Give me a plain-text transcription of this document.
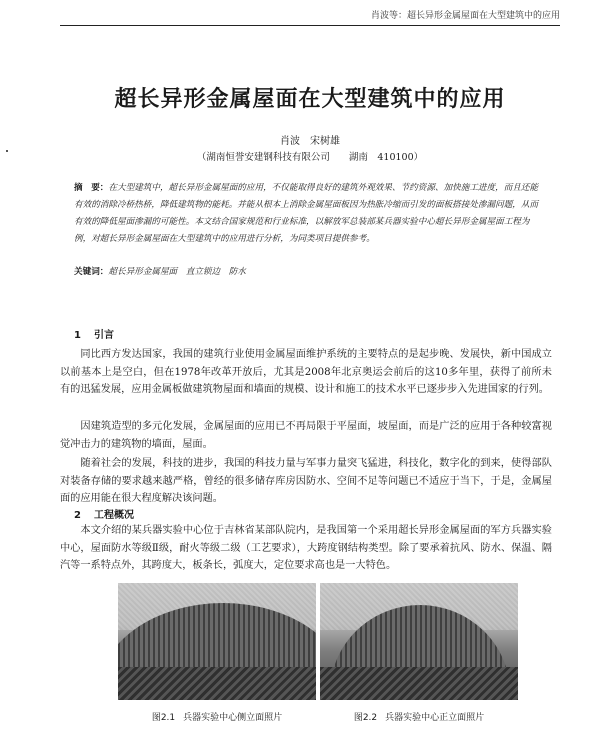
肖波等：超长异形金属屋面在大型建筑中的应用
超长异形金属屋面在大型建筑中的应用
肖波　宋树雄
（湖南恒誉安建钢科技有限公司　　湖南　410100）
摘　要：在大型建筑中，超长异形金属屋面的应用，不仅能取得良好的建筑外观效果、节约资源、加快施工进度，而且还能有效的消除冷桥热桥，降低建筑物的能耗。并能从根本上消除金属屋面板因为热胀冷缩而引发的面板搭接处渗漏问题，从而有效的降低屋面渗漏的可能性。本文结合国家规范和行业标准，以解放军总装部某兵器实验中心超长异形金属屋面工程为例，对超长异形金属屋面在大型建筑中的应用进行分析，为同类项目提供参考。
关键词：超长异形金属屋面　直立锁边　防水
1 引言

同比西方发达国家，我国的建筑行业使用金属屋面维护系统的主要特点的是起步晚、发展快，新中国成立以前基本上是空白，但在1978年改革开放后，尤其是2008年北京奥运会前后的这10多年里，获得了前所未有的迅猛发展，应用金属板做建筑物屋面和墙面的规模、设计和施工的技术水平已逐步步入先进国家的行列。

因建筑造型的多元化发展，金属屋面的应用已不再局限于平屋面，坡屋面，而是广泛的应用于各种较富视觉冲击力的建筑物的墙面，屋面。

随着社会的发展，科技的进步，我国的科技力量与军事力量突飞猛进，科技化，数字化的到来，使得部队对装备存储的要求越来越严格，曾经的很多储存库房因防水、空间不足等问题已不适应于当下，于是，金属屋面的应用能在很大程度解决该问题。

2 工程概况

本文介绍的某兵器实验中心位于吉林省某部队院内，是我国第一个采用超长异形金属屋面的军方兵器实验中心，屋面防水等级Ⅱ级，耐火等级二级（工艺要求），大跨度钢结构类型。除了要承着抗风、防水、保温、隔汽等一系特点外，其跨度大，板条长，弧度大，定位要求高也是一大特色。

图2.1 兵器实验中心侧立面照片	图2.2 兵器实验中心正立面照片
